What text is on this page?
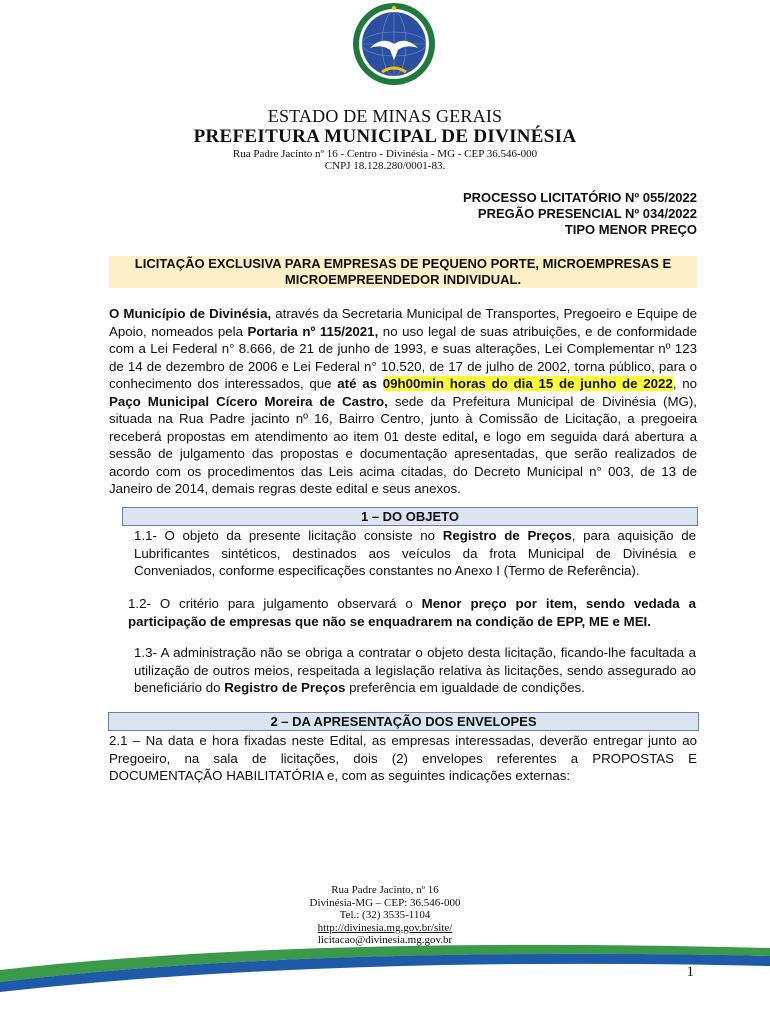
ESTADO DE MINAS GERAIS
PREFEITURA MUNICIPAL DE DIVINÉSIA
Rua Padre Jacinto nº 16 - Centro - Divinésia - MG - CEP 36.546-000
CNPJ 18.128.280/0001-83.
PROCESSO LICITATÓRIO Nº 055/2022
PREGÃO PRESENCIAL Nº 034/2022
TIPO MENOR PREÇO
LICITAÇÃO EXCLUSIVA PARA EMPRESAS DE PEQUENO PORTE, MICROEMPRESAS E
MICROEMPREENDEDOR INDIVIDUAL.
O Município de Divinésia, através da Secretaria Municipal de Transportes, Pregoeiro e Equipe de Apoio, nomeados pela Portaria nº 115/2021, no uso legal de suas atribuições, e de conformidade com a Lei Federal n° 8.666, de 21 de junho de 1993, e suas alterações, Lei Complementar nº 123 de 14 de dezembro de 2006 e Lei Federal n° 10.520, de 17 de julho de 2002, torna público, para o conhecimento dos interessados, que até as 09h00min horas do dia 15 de junho de 2022, no Paço Municipal Cícero Moreira de Castro, sede da Prefeitura Municipal de Divinésia (MG), situada na Rua Padre jacinto nº 16, Bairro Centro, junto à Comissão de Licitação, a pregoeira receberá propostas em atendimento ao item 01 deste edital, e logo em seguida dará abertura a sessão de julgamento das propostas e documentação apresentadas, que serão realizados de acordo com os procedimentos das Leis acima citadas, do Decreto Municipal n° 003, de 13 de Janeiro de 2014, demais regras deste edital e seus anexos.
1 – DO OBJETO
1.1- O objeto da presente licitação consiste no Registro de Preços, para aquisição de Lubrificantes sintéticos, destinados aos veículos da frota Municipal de Divinésia e Conveniados, conforme especificações constantes no Anexo I (Termo de Referência).
1.2- O critério para julgamento observará o Menor preço por item, sendo vedada a participação de empresas que não se enquadrarem na condição de EPP, ME e MEI.
1.3- A administração não se obriga a contratar o objeto desta licitação, ficando-lhe facultada a utilização de outros meios, respeitada a legislação relativa às licitações, sendo assegurado ao beneficiário do Registro de Preços preferência em igualdade de condições.
2 – DA APRESENTAÇÃO DOS ENVELOPES
2.1 – Na data e hora fixadas neste Edital, as empresas interessadas, deverão entregar junto ao Pregoeiro, na sala de licitações, dois (2) envelopes referentes a PROPOSTAS E DOCUMENTAÇÃO HABILITATÓRIA e, com as seguintes indicações externas:
Rua Padre Jacinto, nº 16
Divinésia-MG – CEP: 36.546-000
Tel.: (32) 3535-1104
http://divinesia.mg.gov.br/site/
licitacao@divinesia.mg.gov.br
1
